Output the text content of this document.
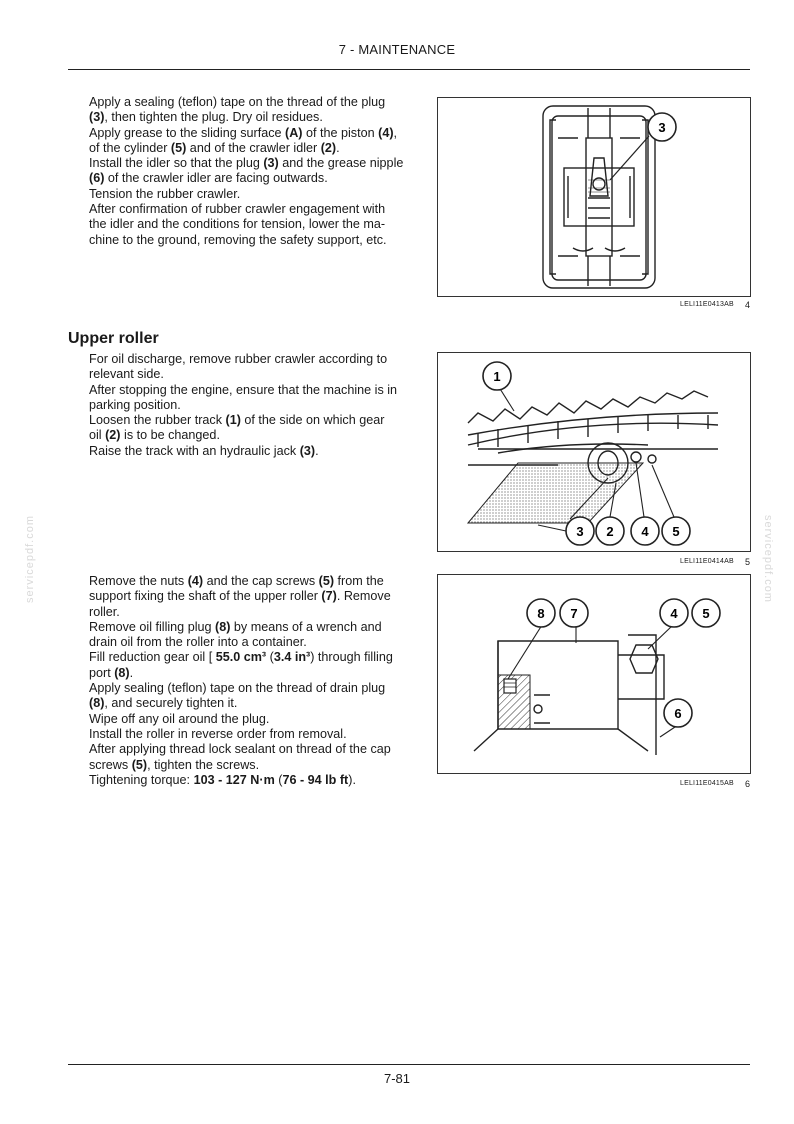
7 - MAINTENANCE

Apply a sealing (teflon) tape on the thread of the plug

(3), then tighten the plug. Dry oil residues.

Apply grease to the sliding surface (A) of the piston (4),

of the cylinder (5) and of the crawler idler (2).

Install the idler so that the plug (3) and the grease nipple

(6) of the crawler idler are facing outwards.

Tension the rubber crawler.

After confirmation of rubber crawler engagement with

the idler and the conditions for tension, lower the ma-

chine to the ground, removing the safety support, etc.

3
LELI11E0413AB 4
Upper roller

For oil discharge, remove rubber crawler according to

relevant side.

After stopping the engine, ensure that the machine is in

parking position.

Loosen the rubber track (1) of the side on which gear

oil (2) is to be changed.

Raise the track with an hydraulic jack (3).

1
3 2 4 5
LELI11E0414AB 5

Remove the nuts (4) and the cap screws (5) from the

support fixing the shaft of the upper roller (7). Remove

roller.

Remove oil filling plug (8) by means of a wrench and

drain oil from the roller into a container.

Fill reduction gear oil [ 55.0 cm³ (3.4 in³) through filling

port (8).

Apply sealing (teflon) tape on the thread of drain plug

(8), and securely tighten it.

Wipe off any oil around the plug.

Install the roller in reverse order from removal.

After applying thread lock sealant on thread of the cap

screws (5), tighten the screws.

Tightening torque: 103 - 127 N·m (76 - 94 lb ft).

8 7	4 5
6
LELI11E0415AB 6
servicepdf.com	servicepdf.com
7-81
